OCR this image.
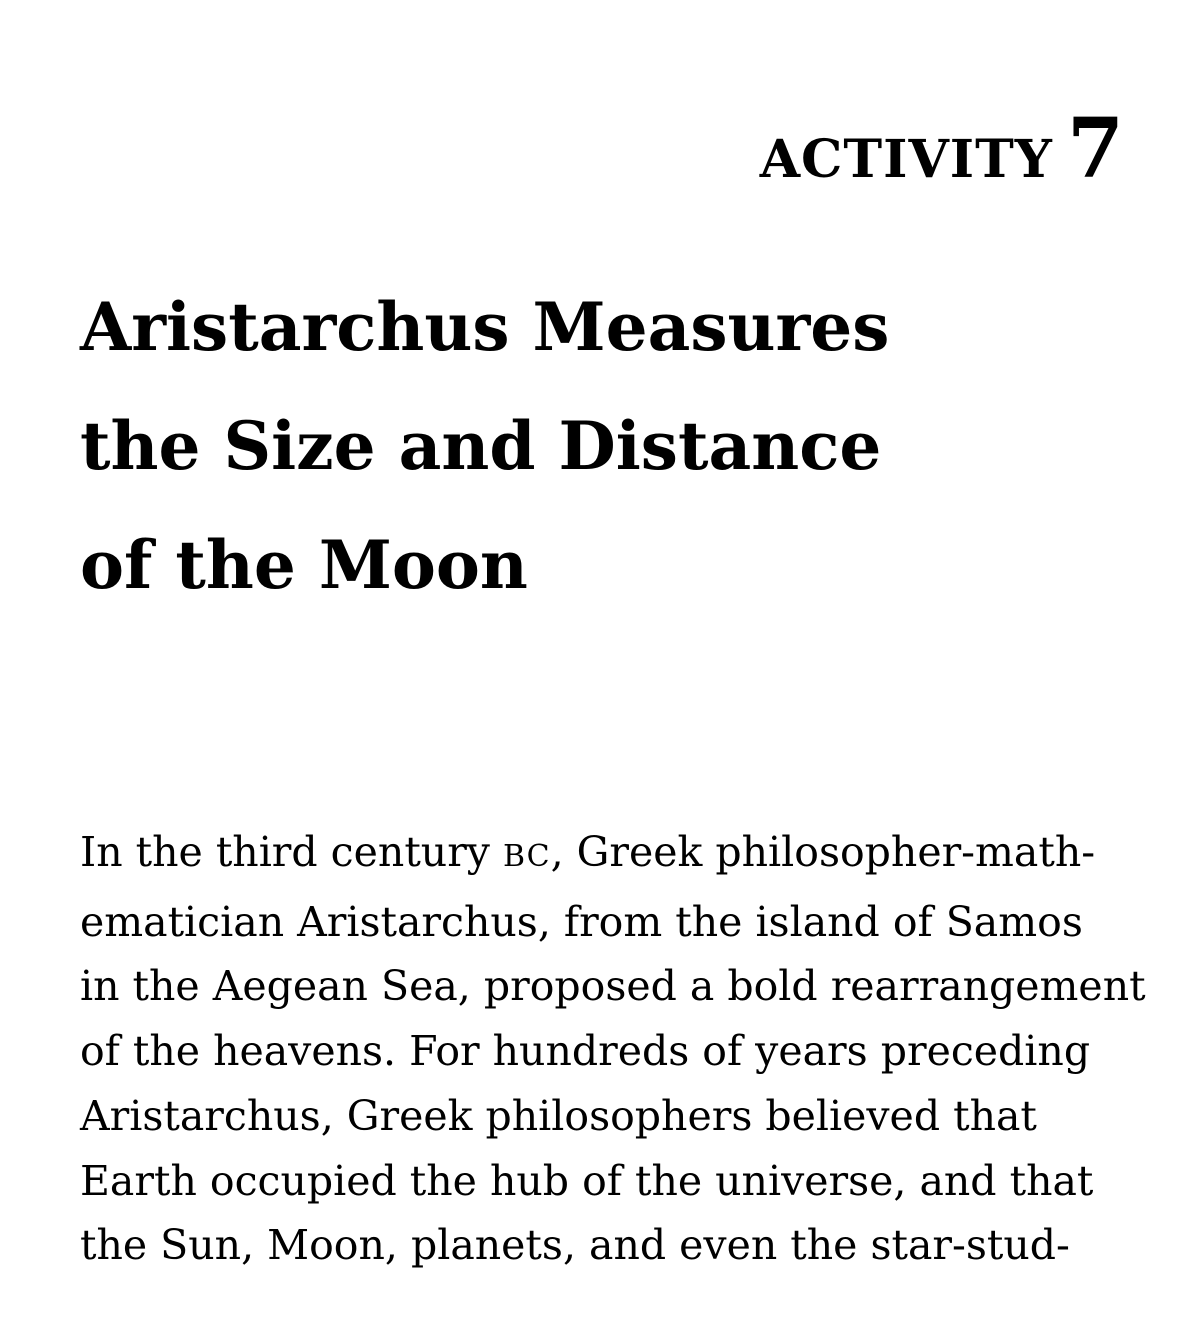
ACTIVITY 7
Aristarchus Measures
the Size and Distance
of the Moon
In the third century BC, Greek philosopher-math-
ematician Aristarchus, from the island of Samos
in the Aegean Sea, proposed a bold rearrangement
of the heavens. For hundreds of years preceding
Aristarchus, Greek philosophers believed that
Earth occupied the hub of the universe, and that
the Sun, Moon, planets, and even the star-stud-
